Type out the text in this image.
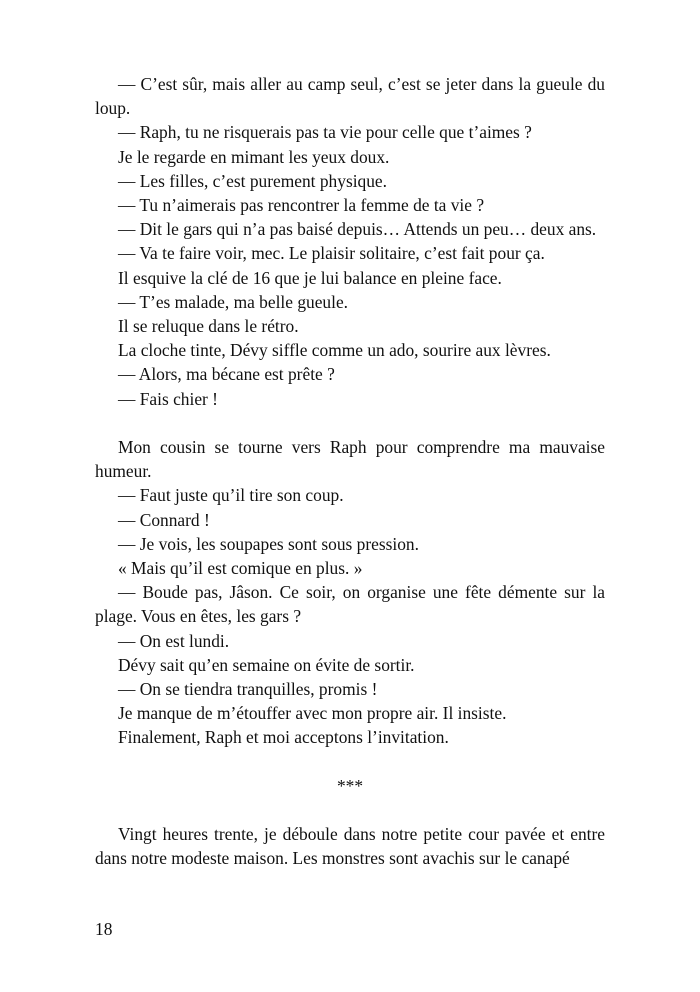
— C’est sûr, mais aller au camp seul, c’est se jeter dans la gueule du loup.

— Raph, tu ne risquerais pas ta vie pour celle que t’aimes ?

Je le regarde en mimant les yeux doux.

— Les filles, c’est purement physique.

— Tu n’aimerais pas rencontrer la femme de ta vie ?

— Dit le gars qui n’a pas baisé depuis… Attends un peu… deux ans.

— Va te faire voir, mec. Le plaisir solitaire, c’est fait pour ça.

Il esquive la clé de 16 que je lui balance en pleine face.

— T’es malade, ma belle gueule.

Il se reluque dans le rétro.

La cloche tinte, Dévy siffle comme un ado, sourire aux lèvres.

— Alors, ma bécane est prête ?

— Fais chier !

Mon cousin se tourne vers Raph pour comprendre ma mauvaise humeur.

— Faut juste qu’il tire son coup.

— Connard !

— Je vois, les soupapes sont sous pression.

« Mais qu’il est comique en plus. »

— Boude pas, Jâson. Ce soir, on organise une fête démente sur la plage. Vous en êtes, les gars ?

— On est lundi.

Dévy sait qu’en semaine on évite de sortir.

— On se tiendra tranquilles, promis !

Je manque de m’étouffer avec mon propre air. Il insiste.

Finalement, Raph et moi acceptons l’invitation.

***

Vingt heures trente, je déboule dans notre petite cour pavée et entre dans notre modeste maison. Les monstres sont avachis sur le canapé

18
